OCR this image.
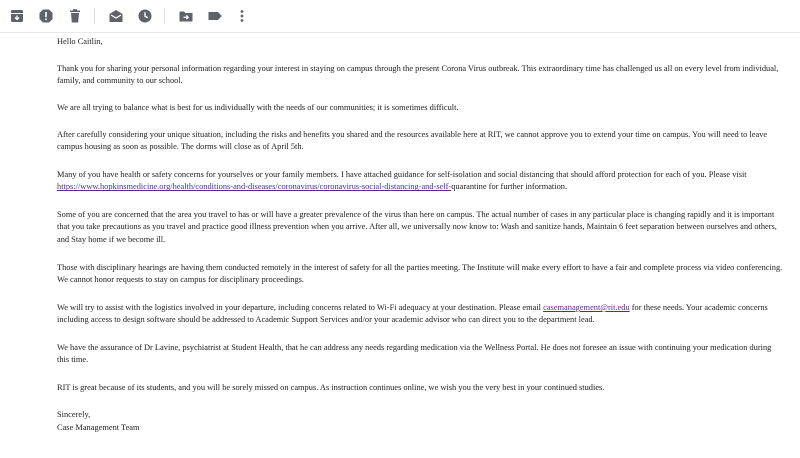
Hello Caitlin,

Thank you for sharing your personal information regarding your interest in staying on campus through the present Corona Virus outbreak. This extraordinary time has challenged us all on every level from individual, family, and community to our school.

We are all trying to balance what is best for us individually with the needs of our communities; it is sometimes difficult.

After carefully considering your unique situation, including the risks and benefits you shared and the resources available here at RIT, we cannot approve you to extend your time on campus. You will need to leave campus housing as soon as possible. The dorms will close as of April 5th.

Many of you have health or safety concerns for yourselves or your family members. I have attached guidance for self-isolation and social distancing that should afford protection for each of you. Please visit https://www.hopkinsmedicine.org/health/conditions-and-diseases/coronavirus/coronavirus-social-distancing-and-self-quarantine for further information.

Some of you are concerned that the area you travel to has or will have a greater prevalence of the virus than here on campus. The actual number of cases in any particular place is changing rapidly and it is important that you take precautions as you travel and practice good illness prevention when you arrive. After all, we universally now know to: Wash and sanitize hands, Maintain 6 feet separation between ourselves and others, and Stay home if we become ill.

Those with disciplinary hearings are having them conducted remotely in the interest of safety for all the parties meeting. The Institute will make every effort to have a fair and complete process via video conferencing. We cannot honor requests to stay on campus for disciplinary proceedings.

We will try to assist with the logistics involved in your departure, including concerns related to Wi-Fi adequacy at your destination. Please email casemanagement@rit.edu for these needs. Your academic concerns including access to design software should be addressed to Academic Support Services and/or your academic advisor who can direct you to the department lead.

We have the assurance of Dr Lavine, psychiatrist at Student Health, that he can address any needs regarding medication via the Wellness Portal. He does not foresee an issue with continuing your medication during this time.

RIT is great because of its students, and you will be sorely missed on campus. As instruction continues online, we wish you the very best in your continued studies.

Sincerely,

Case Management Team
